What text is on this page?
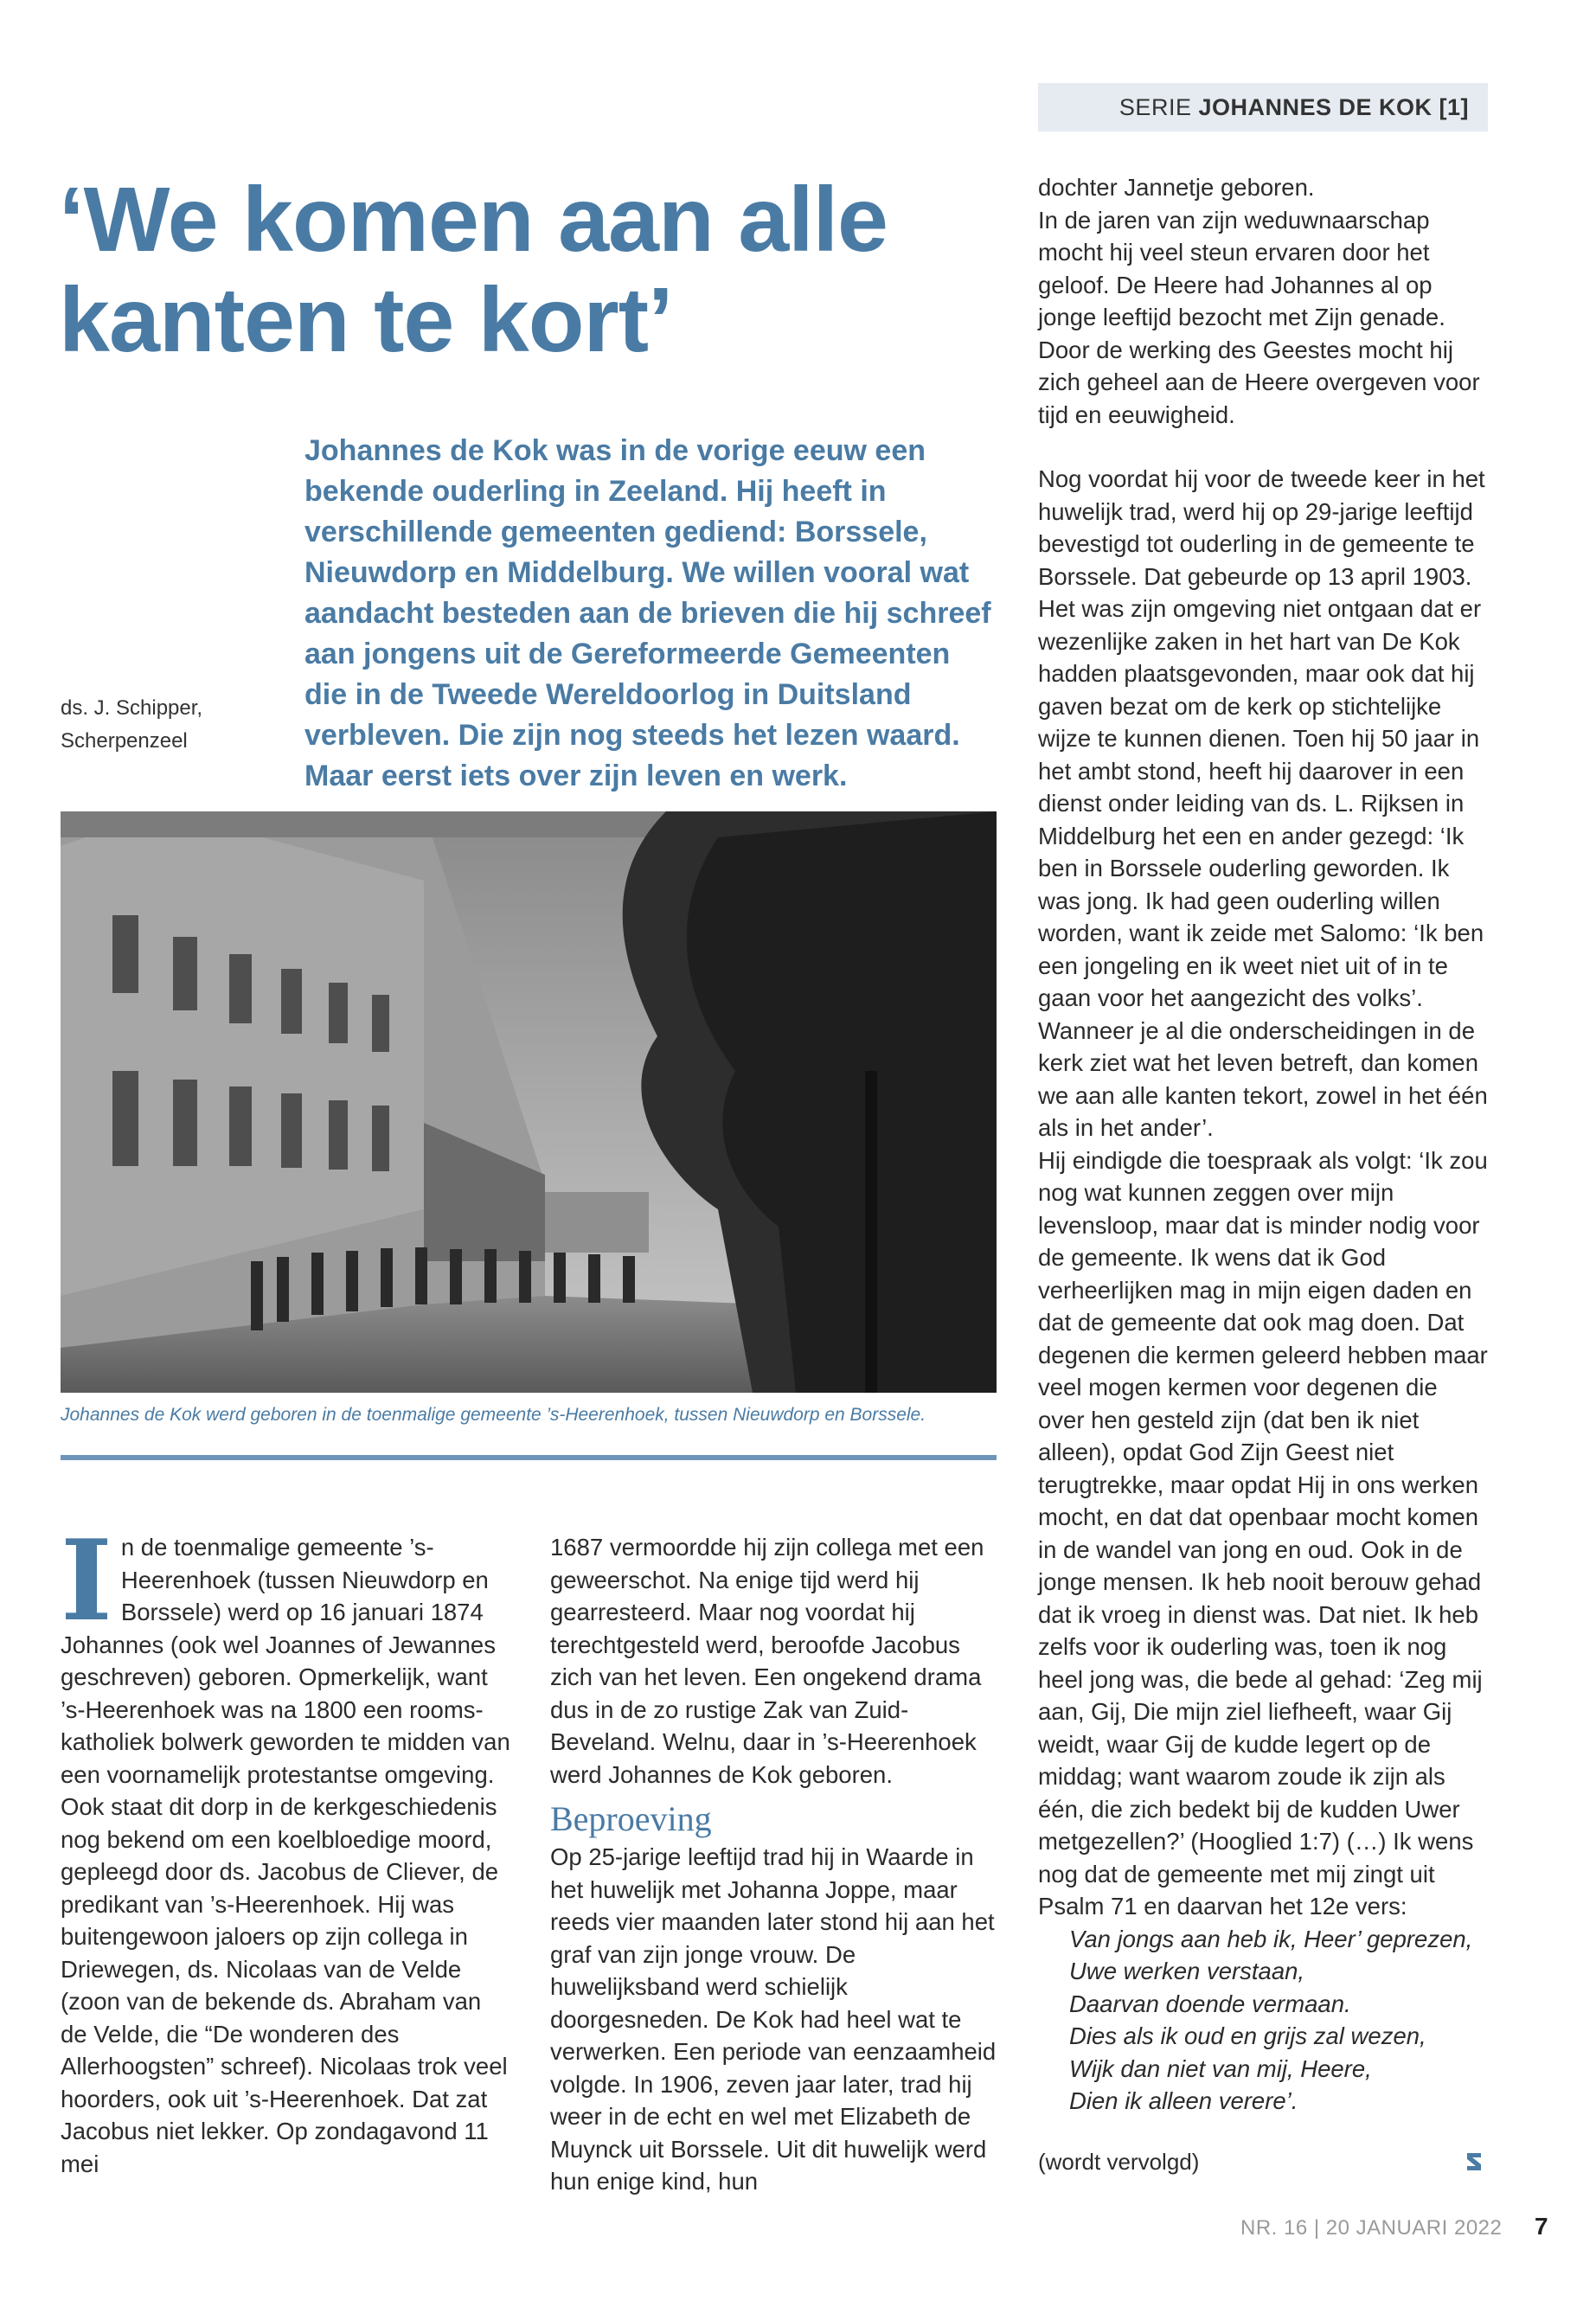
SERIE JOHANNES DE KOK [1]
‘We komen aan alle
kanten te kort’
ds. J. Schipper,
Scherpenzeel
Johannes de Kok was in de vorige eeuw een bekende ouderling in Zeeland. Hij heeft in verschillende gemeenten gediend: Borssele, Nieuwdorp en Middelburg. We willen vooral wat aandacht besteden aan de brieven die hij schreef aan jongens uit de Gereformeerde Gemeenten die in de Tweede Wereldoorlog in Duitsland verbleven. Die zijn nog steeds het lezen waard. Maar eerst iets over zijn leven en werk.
Johannes de Kok werd geboren in de toenmalige gemeente ’s-Heerenhoek, tussen Nieuwdorp en Borssele.
I n de toenmalige gemeente ’s-Heerenhoek (tussen Nieuwdorp en Borssele) werd op 16 januari 1874 Johannes (ook wel Joannes of Jewannes geschreven) geboren. Opmerkelijk, want ’s-Heerenhoek was na 1800 een rooms-katholiek bolwerk geworden te midden van een voornamelijk protestantse omgeving. Ook staat dit dorp in de kerkgeschiedenis nog bekend om een koelbloedige moord, gepleegd door ds. Jacobus de Cliever, de predikant van ’s-Heerenhoek. Hij was buitengewoon jaloers op zijn collega in Driewegen, ds. Nicolaas van de Velde (zoon van de bekende ds. Abraham van de Velde, die “De wonderen des Allerhoogsten” schreef). Nicolaas trok veel hoorders, ook uit ’s-Heerenhoek. Dat zat Jacobus niet lekker. Op zondagavond 11 mei

1687 vermoordde hij zijn collega met een geweerschot. Na enige tijd werd hij gearresteerd. Maar nog voordat hij terechtgesteld werd, beroofde Jacobus zich van het leven. Een ongekend drama dus in de zo rustige Zak van Zuid-Beveland. Welnu, daar in ’s-Heerenhoek werd Johannes de Kok geboren.

Beproeving

Op 25-jarige leeftijd trad hij in Waarde in het huwelijk met Johanna Joppe, maar reeds vier maanden later stond hij aan het graf van zijn jonge vrouw. De huwelijksband werd schielijk doorgesneden. De Kok had heel wat te verwerken. Een periode van eenzaamheid volgde. In 1906, zeven jaar later, trad hij weer in de echt en wel met Elizabeth de Muynck uit Borssele. Uit dit huwelijk werd hun enige kind, hun

dochter Jannetje geboren.

In de jaren van zijn weduwnaarschap mocht hij veel steun ervaren door het geloof. De Heere had Johannes al op jonge leeftijd bezocht met Zijn genade. Door de werking des Geestes mocht hij zich geheel aan de Heere overgeven voor tijd en eeuwigheid.

Nog voordat hij voor de tweede keer in het huwelijk trad, werd hij op 29-jarige leeftijd bevestigd tot ouderling in de gemeente te Borssele. Dat gebeurde op 13 april 1903. Het was zijn omgeving niet ontgaan dat er wezenlijke zaken in het hart van De Kok hadden plaatsgevonden, maar ook dat hij gaven bezat om de kerk op stichtelijke wijze te kunnen dienen. Toen hij 50 jaar in het ambt stond, heeft hij daarover in een dienst onder leiding van ds. L. Rijksen in Middelburg het een en ander gezegd: ‘Ik ben in Borssele ouderling geworden. Ik was jong. Ik had geen ouderling willen worden, want ik zeide met Salomo: ‘Ik ben een jongeling en ik weet niet uit of in te gaan voor het aangezicht des volks’. Wanneer je al die onderscheidingen in de kerk ziet wat het leven betreft, dan komen we aan alle kanten tekort, zowel in het één als in het ander’.

Hij eindigde die toespraak als volgt: ‘Ik zou nog wat kunnen zeggen over mijn levensloop, maar dat is minder nodig voor de gemeente. Ik wens dat ik God verheerlijken mag in mijn eigen daden en dat de gemeente dat ook mag doen. Dat degenen die kermen geleerd hebben maar veel mogen kermen voor degenen die over hen gesteld zijn (dat ben ik niet alleen), opdat God Zijn Geest niet terugtrekke, maar opdat Hij in ons werken mocht, en dat dat openbaar mocht komen in de wandel van jong en oud. Ook in de jonge mensen. Ik heb nooit berouw gehad dat ik vroeg in dienst was. Dat niet. Ik heb zelfs voor ik ouderling was, toen ik nog heel jong was, die bede al gehad: ‘Zeg mij aan, Gij, Die mijn ziel liefheeft, waar Gij weidt, waar Gij de kudde legert op de middag; want waarom zoude ik zijn als één, die zich bedekt bij de kudden Uwer metgezellen?’ (Hooglied 1:7) (…) Ik wens nog dat de gemeente met mij zingt uit Psalm 71 en daarvan het 12e vers:

Van jongs aan heb ik, Heer’ geprezen,
Uwe werken verstaan,
Daarvan doende vermaan.
Dies als ik oud en grijs zal wezen,
Wijk dan niet van mij, Heere,
Dien ik alleen verere’.
(wordt vervolgd)
NR. 16 | 20 JANUARI 2022 7
